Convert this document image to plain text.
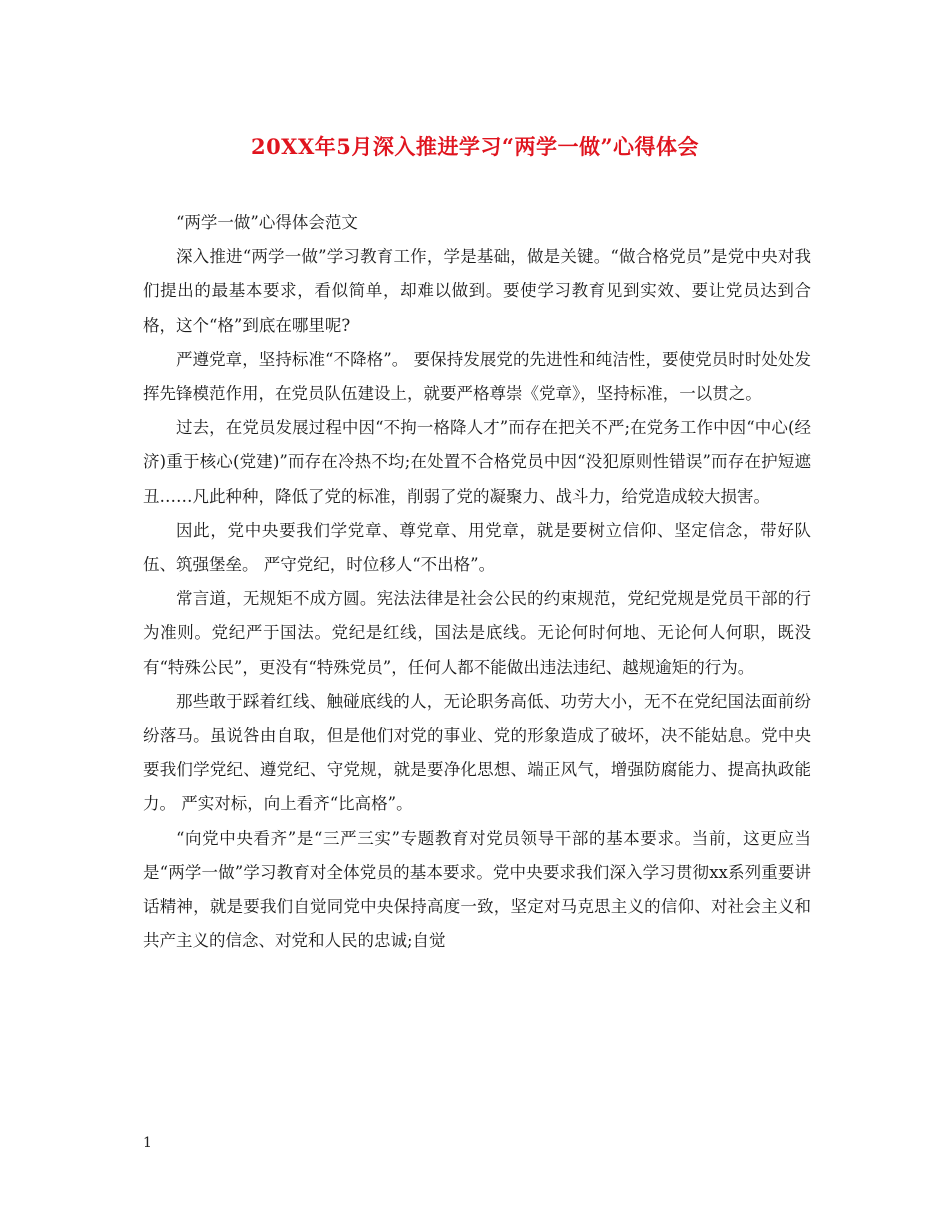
20XX年5月深入推进学习“两学一做”心得体会

“两学一做”心得体会范文

深入推进“两学一做”学习教育工作，学是基础，做是关键。“做合格党员”是党中央对我们提出的最基本要求，看似简单，却难以做到。要使学习教育见到实效、要让党员达到合格，这个“格”到底在哪里呢?

严遵党章，坚持标准“不降格”。 要保持发展党的先进性和纯洁性，要使党员时时处处发挥先锋模范作用，在党员队伍建设上，就要严格尊崇《党章》，坚持标准，一以贯之。

过去，在党员发展过程中因“不拘一格降人才”而存在把关不严;在党务工作中因“中心(经济)重于核心(党建)”而存在冷热不均;在处置不合格党员中因“没犯原则性错误”而存在护短遮丑……凡此种种，降低了党的标准，削弱了党的凝聚力、战斗力，给党造成较大损害。

因此，党中央要我们学党章、尊党章、用党章，就是要树立信仰、坚定信念，带好队伍、筑强堡垒。 严守党纪，时位移人“不出格”。

常言道，无规矩不成方圆。宪法法律是社会公民的约束规范，党纪党规是党员干部的行为准则。党纪严于国法。党纪是红线，国法是底线。无论何时何地、无论何人何职，既没有“特殊公民”，更没有“特殊党员”，任何人都不能做出违法违纪、越规逾矩的行为。

那些敢于踩着红线、触碰底线的人，无论职务高低、功劳大小，无不在党纪国法面前纷纷落马。虽说咎由自取，但是他们对党的事业、党的形象造成了破坏，决不能姑息。党中央要我们学党纪、遵党纪、守党规，就是要净化思想、端正风气，增强防腐能力、提高执政能力。 严实对标，向上看齐“比高格”。

“向党中央看齐”是“三严三实”专题教育对党员领导干部的基本要求。当前，这更应当是“两学一做”学习教育对全体党员的基本要求。党中央要求我们深入学习贯彻xx系列重要讲话精神，就是要我们自觉同党中央保持高度一致，坚定对马克思主义的信仰、对社会主义和共产主义的信念、对党和人民的忠诚;自觉

1
